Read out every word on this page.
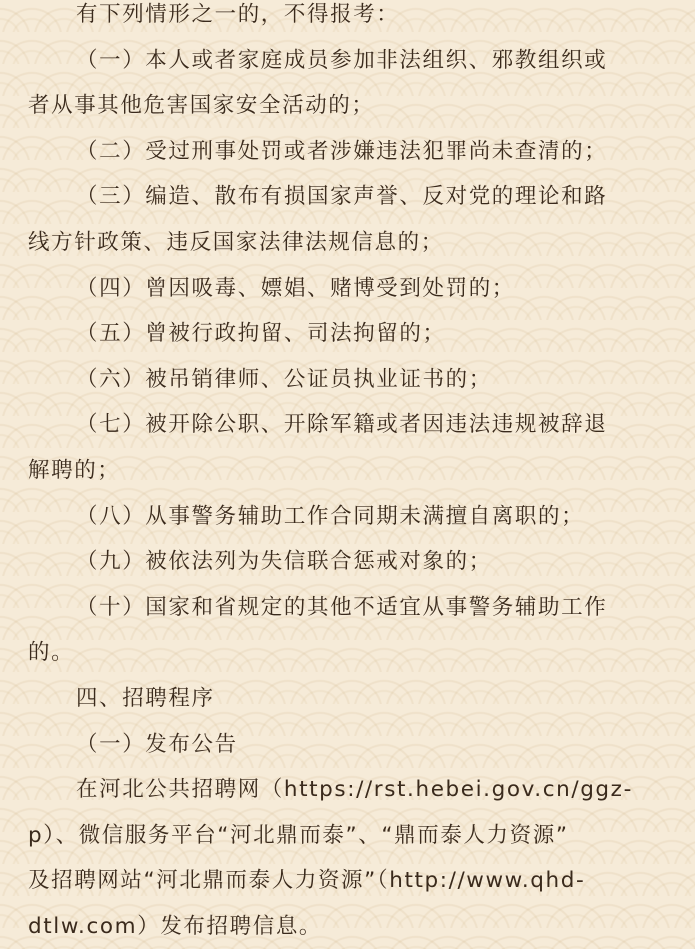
有下列情形之一的，不得报考：
（一）本人或者家庭成员参加非法组织、邪教组织或
者从事其他危害国家安全活动的；
（二）受过刑事处罚或者涉嫌违法犯罪尚未查清的；
（三）编造、散布有损国家声誉、反对党的理论和路
线方针政策、违反国家法律法规信息的；
（四）曾因吸毒、嫖娼、赌博受到处罚的；
（五）曾被行政拘留、司法拘留的；
（六）被吊销律师、公证员执业证书的；
（七）被开除公职、开除军籍或者因违法违规被辞退
解聘的；
（八）从事警务辅助工作合同期未满擅自离职的；
（九）被依法列为失信联合惩戒对象的；
（十）国家和省规定的其他不适宜从事警务辅助工作
的。
四、招聘程序
（一）发布公告
在河北公共招聘网（https://rst.hebei.gov.cn/ggz-
p）、微信服务平台“河北鼎而泰”、“鼎而泰人力资源”
及招聘网站“河北鼎而泰人力资源”（http://www.qhd-
dtlw.com）发布招聘信息。
